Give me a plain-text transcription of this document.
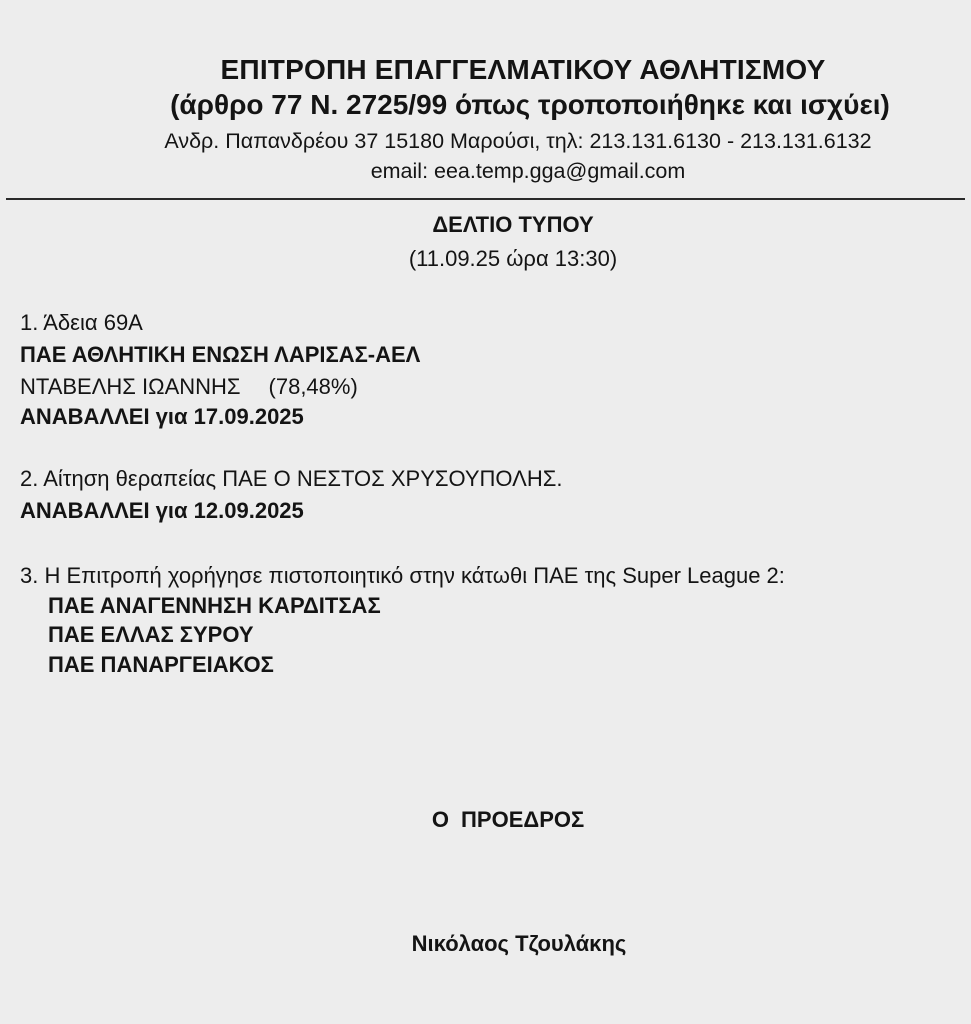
ΕΠΙΤΡΟΠΗ ΕΠΑΓΓΕΛΜΑΤΙΚΟΥ ΑΘΛΗΤΙΣΜΟΥ
(άρθρο 77 Ν. 2725/99 όπως τροποποιήθηκε και ισχύει)
Ανδρ. Παπανδρέου 37 15180 Μαρούσι, τηλ: 213.131.6130 - 213.131.6132
email: eea.temp.gga@gmail.com
ΔΕΛΤΙΟ ΤΥΠΟΥ
(11.09.25 ώρα 13:30)
1. Άδεια 69Α
ΠΑΕ ΑΘΛΗΤΙΚΗ ΕΝΩΣΗ ΛΑΡΙΣΑΣ-ΑΕΛ
ΝΤΑΒΕΛΗΣ ΙΩΑΝΝΗΣ (78,48%)
ΑΝΑΒΑΛΛΕΙ για 17.09.2025
2. Αίτηση θεραπείας ΠΑΕ Ο ΝΕΣΤΟΣ ΧΡΥΣΟΥΠΟΛΗΣ.
ΑΝΑΒΑΛΛΕΙ για 12.09.2025
3. Η Επιτροπή χορήγησε πιστοποιητικό στην κάτωθι ΠΑΕ της Super League 2:
ΠΑΕ ΑΝΑΓΕΝΝΗΣΗ ΚΑΡΔΙΤΣΑΣ
ΠΑΕ ΕΛΛΑΣ ΣΥΡΟΥ
ΠΑΕ ΠΑΝΑΡΓΕΙΑΚΟΣ
Ο ΠΡΟΕΔΡΟΣ
Νικόλαος Τζουλάκης
